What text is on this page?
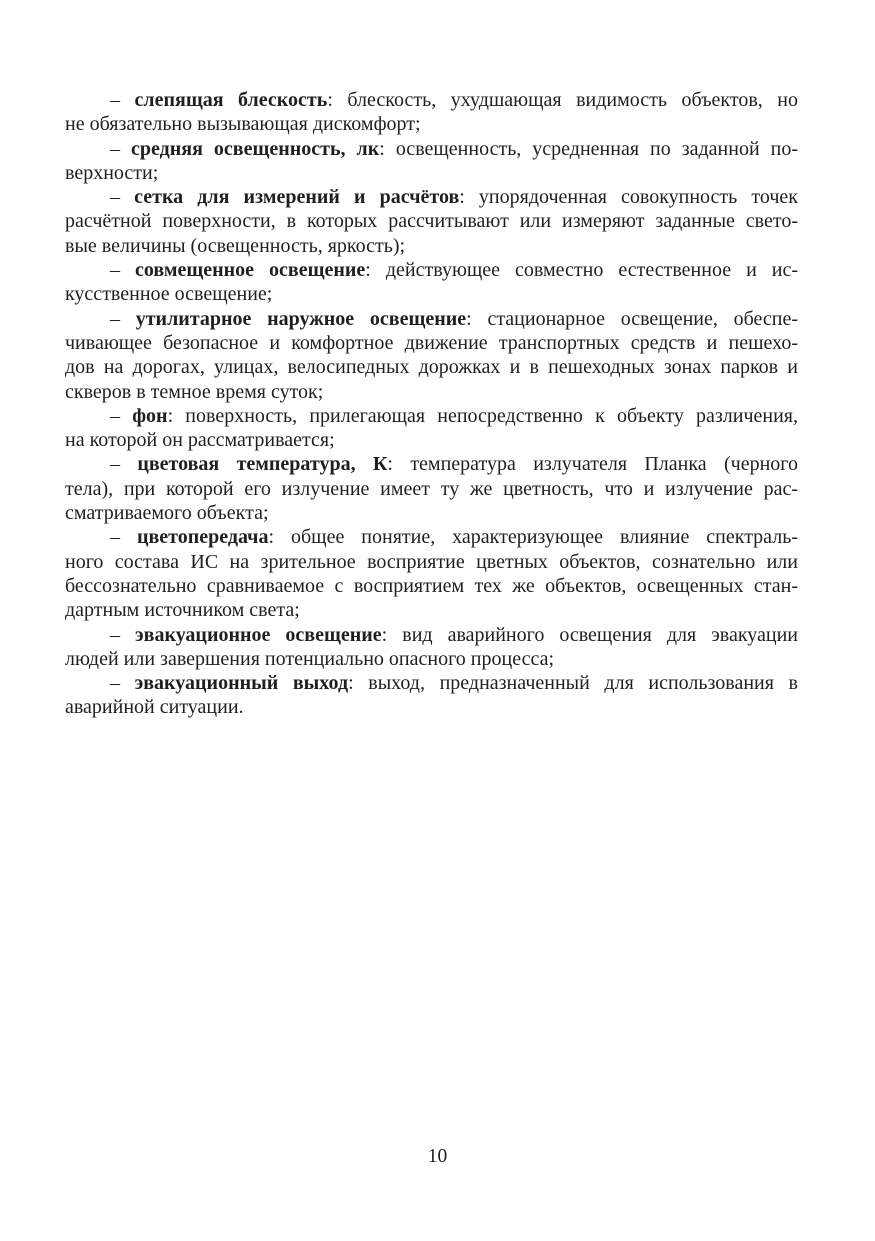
– слепящая блескость: блескость, ухудшающая видимость объектов, но
не обязательно вызывающая дискомфорт;
– средняя освещенность, лк: освещенность, усредненная по заданной по-
верхности;
– сетка для измерений и расчётов: упорядоченная совокупность точек
расчётной поверхности, в которых рассчитывают или измеряют заданные свето-
вые величины (освещенность, яркость);
– совмещенное освещение: действующее совместно естественное и ис-
кусственное освещение;
– утилитарное наружное освещение: стационарное освещение, обеспе-
чивающее безопасное и комфортное движение транспортных средств и пешехо-
дов на дорогах, улицах, велосипедных дорожках и в пешеходных зонах парков и
скверов в темное время суток;
– фон: поверхность, прилегающая непосредственно к объекту различения,
на которой он рассматривается;
– цветовая температура, К: температура излучателя Планка (черного
тела), при которой его излучение имеет ту же цветность, что и излучение рас-
сматриваемого объекта;
– цветопередача: общее понятие, характеризующее влияние спектраль-
ного состава ИС на зрительное восприятие цветных объектов, сознательно или
бессознательно сравниваемое с восприятием тех же объектов, освещенных стан-
дартным источником света;
– эвакуационное освещение: вид аварийного освещения для эвакуации
людей или завершения потенциально опасного процесса;
– эвакуационный выход: выход, предназначенный для использования в
аварийной ситуации.
10
